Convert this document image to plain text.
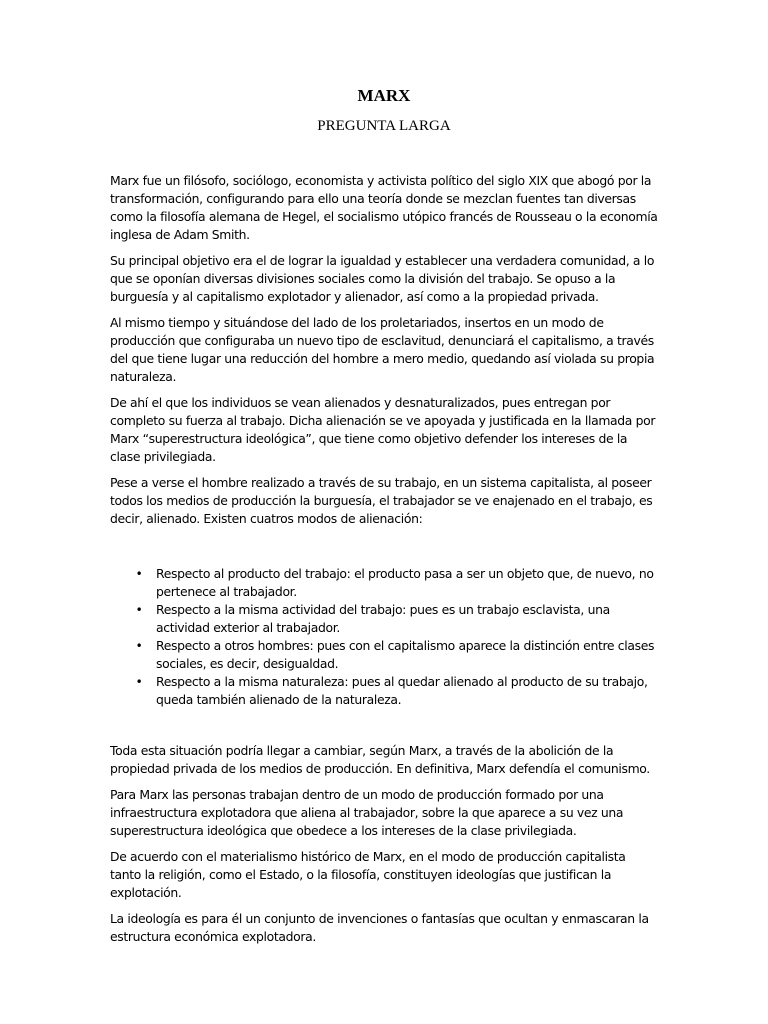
MARX
PREGUNTA LARGA

Marx fue un filósofo, sociólogo, economista y activista político del siglo XIX que abogó por la transformación, configurando para ello una teoría donde se mezclan fuentes tan diversas como la filosofía alemana de Hegel, el socialismo utópico francés de Rousseau o la economía inglesa de Adam Smith.

Su principal objetivo era el de lograr la igualdad y establecer una verdadera comunidad, a lo que se oponían diversas divisiones sociales como la división del trabajo. Se opuso a la burguesía y al capitalismo explotador y alienador, así como a la propiedad privada.

Al mismo tiempo y situándose del lado de los proletariados, insertos en un modo de producción que configuraba un nuevo tipo de esclavitud, denunciará el capitalismo, a través del que tiene lugar una reducción del hombre a mero medio, quedando así violada su propia naturaleza.

De ahí el que los individuos se vean alienados y desnaturalizados, pues entregan por completo su fuerza al trabajo. Dicha alienación se ve apoyada y justificada en la llamada por Marx “superestructura ideológica”, que tiene como objetivo defender los intereses de la clase privilegiada.

Pese a verse el hombre realizado a través de su trabajo, en un sistema capitalista, al poseer todos los medios de producción la burguesía, el trabajador se ve enajenado en el trabajo, es decir, alienado. Existen cuatros modos de alienación:

• Respecto al producto del trabajo: el producto pasa a ser un objeto que, de nuevo, no pertenece al trabajador.
• Respecto a la misma actividad del trabajo: pues es un trabajo esclavista, una actividad exterior al trabajador.
• Respecto a otros hombres: pues con el capitalismo aparece la distinción entre clases sociales, es decir, desigualdad.
• Respecto a la misma naturaleza: pues al quedar alienado al producto de su trabajo, queda también alienado de la naturaleza.

Toda esta situación podría llegar a cambiar, según Marx, a través de la abolición de la propiedad privada de los medios de producción. En definitiva, Marx defendía el comunismo.

Para Marx las personas trabajan dentro de un modo de producción formado por una infraestructura explotadora que aliena al trabajador, sobre la que aparece a su vez una superestructura ideológica que obedece a los intereses de la clase privilegiada.

De acuerdo con el materialismo histórico de Marx, en el modo de producción capitalista tanto la religión, como el Estado, o la filosofía, constituyen ideologías que justifican la explotación.

La ideología es para él un conjunto de invenciones o fantasías que ocultan y enmascaran la estructura económica explotadora.
